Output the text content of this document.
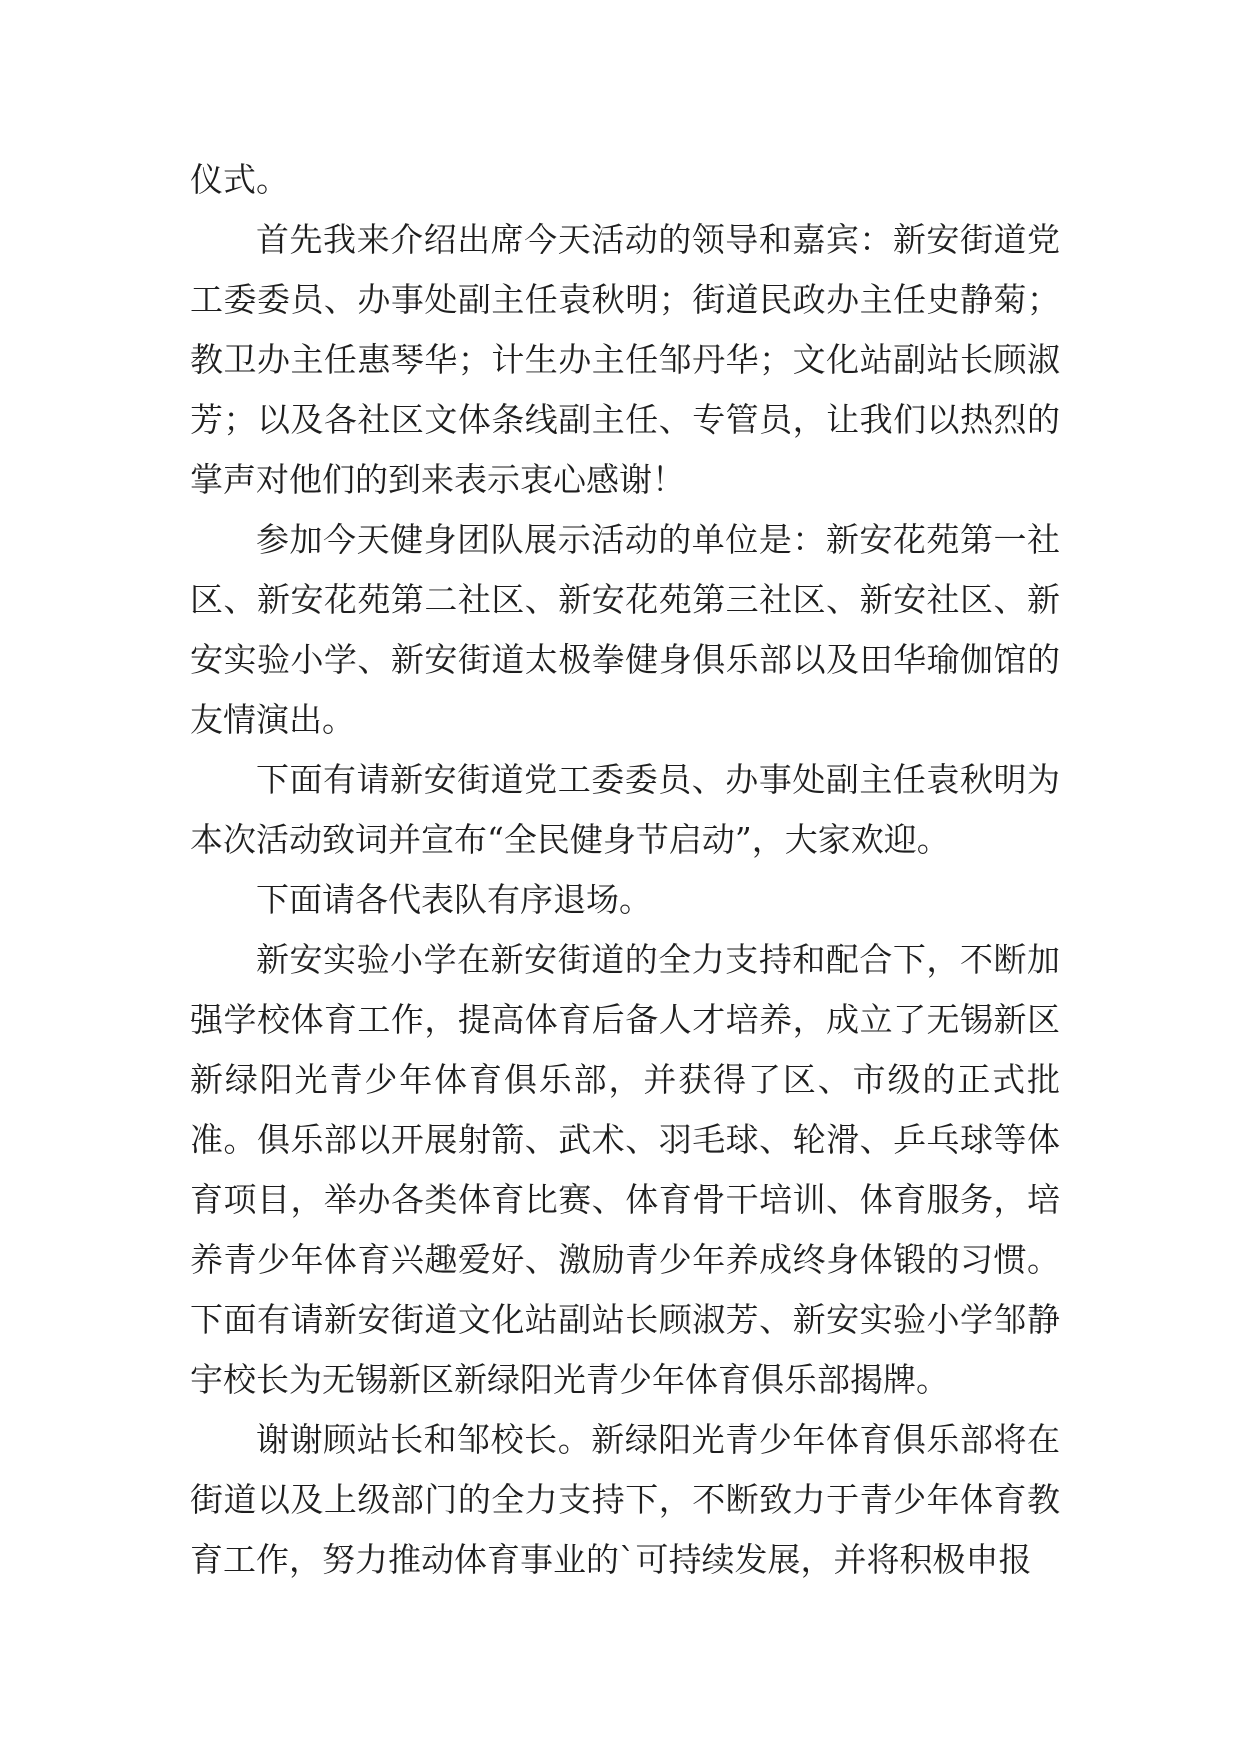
仪式。

首先我来介绍出席今天活动的领导和嘉宾：新安街道党工委委员、办事处副主任袁秋明；街道民政办主任史静菊；教卫办主任惠琴华；计生办主任邹丹华；文化站副站长顾淑芳；以及各社区文体条线副主任、专管员，让我们以热烈的掌声对他们的到来表示衷心感谢！

参加今天健身团队展示活动的单位是：新安花苑第一社区、新安花苑第二社区、新安花苑第三社区、新安社区、新安实验小学、新安街道太极拳健身俱乐部以及田华瑜伽馆的友情演出。

下面有请新安街道党工委委员、办事处副主任袁秋明为本次活动致词并宣布“全民健身节启动”，大家欢迎。

下面请各代表队有序退场。

新安实验小学在新安街道的全力支持和配合下，不断加强学校体育工作，提高体育后备人才培养，成立了无锡新区新绿阳光青少年体育俱乐部，并获得了区、市级的正式批准。俱乐部以开展射箭、武术、羽毛球、轮滑、乒乓球等体育项目，举办各类体育比赛、体育骨干培训、体育服务，培养青少年体育兴趣爱好、激励青少年养成终身体锻的习惯。下面有请新安街道文化站副站长顾淑芳、新安实验小学邹静宇校长为无锡新区新绿阳光青少年体育俱乐部揭牌。

谢谢顾站长和邹校长。新绿阳光青少年体育俱乐部将在街道以及上级部门的全力支持下，不断致力于青少年体育教育工作，努力推动体育事业的`可持续发展，并将积极申报
